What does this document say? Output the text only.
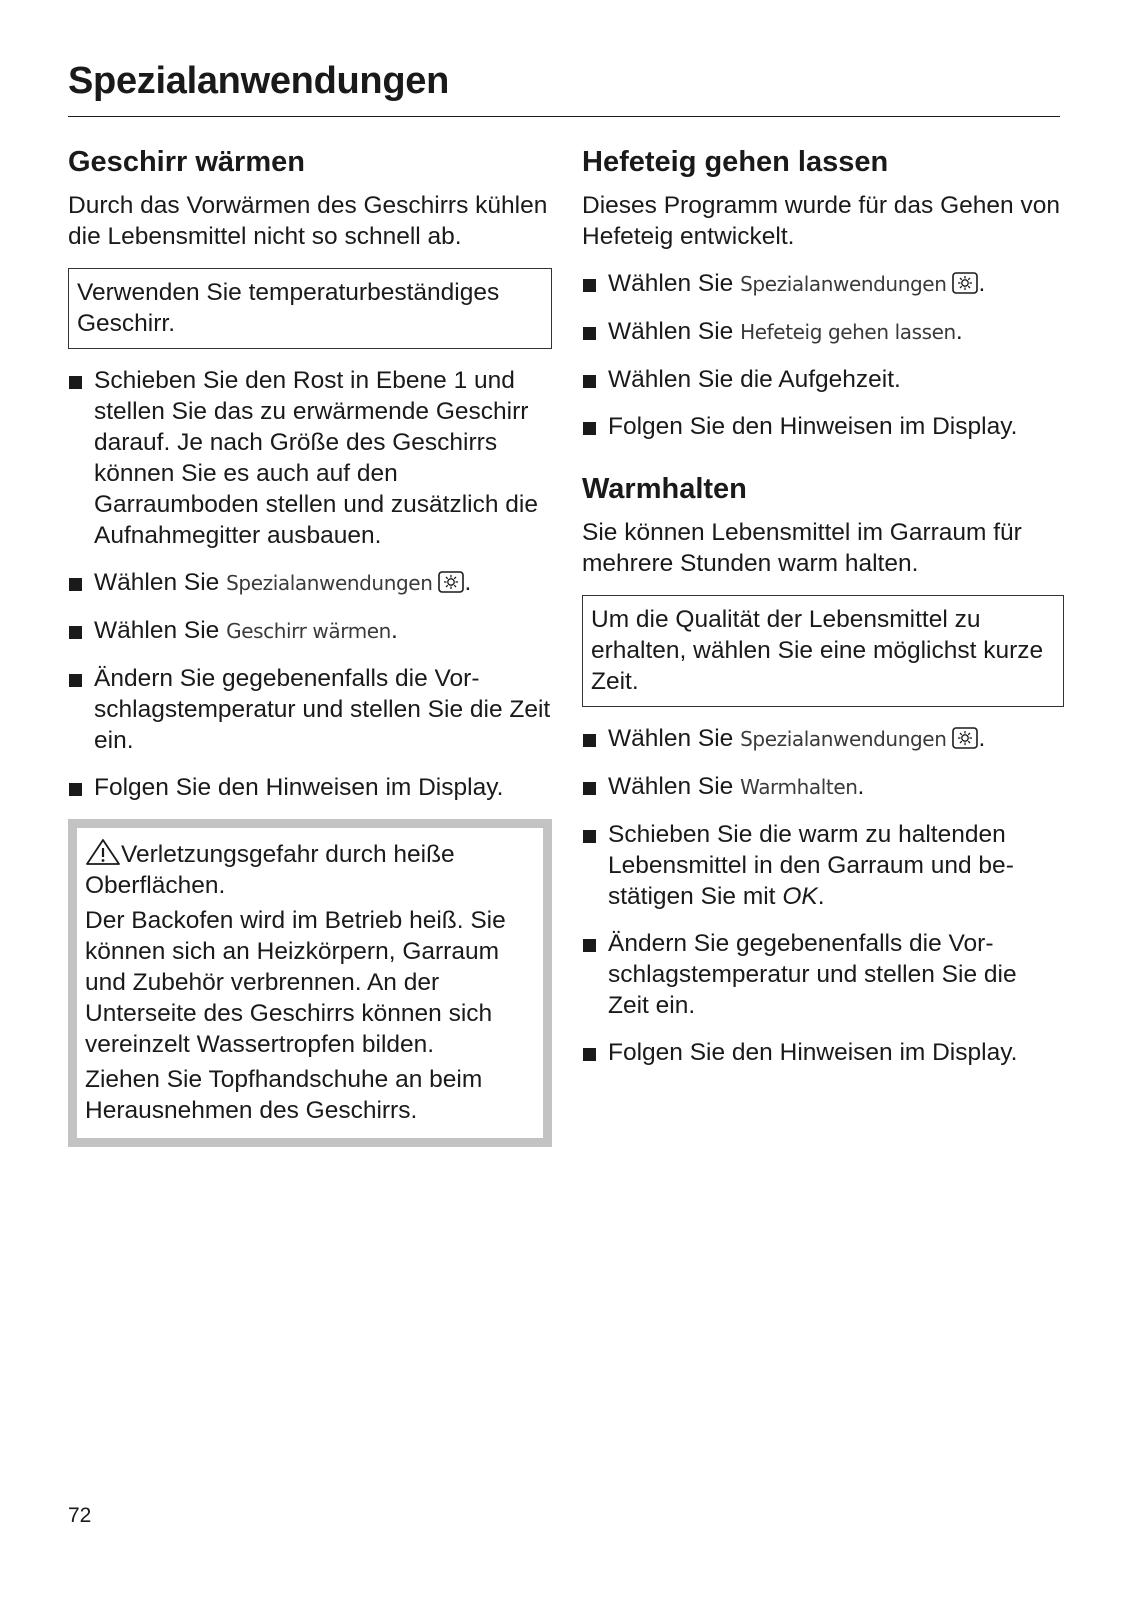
Spezialanwendungen
Geschirr wärmen

Durch das Vorwärmen des Geschirrs kühlen die Lebensmittel nicht so schnell ab.

Verwenden Sie temperaturbeständiges Geschirr.
Schieben Sie den Rost in Ebene 1 und stellen Sie das zu erwärmende Geschirr darauf. Je nach Größe des Geschirrs können Sie es auch auf den Garraumboden stellen und zusätzlich die Aufnahmegitter ausbauen.
Wählen Sie Spezialanwendungen .
Wählen Sie Geschirr wärmen.
Ändern Sie gegebenenfalls die Vorschlagstemperatur und stellen Sie die Zeit ein.
Folgen Sie den Hinweisen im Display.

Verletzungsgefahr durch heiße Oberflächen.

Der Backofen wird im Betrieb heiß. Sie können sich an Heizkörpern, Garraum und Zubehör verbrennen. An der Unterseite des Geschirrs können sich vereinzelt Wassertropfen bilden.

Ziehen Sie Topfhandschuhe an beim Herausnehmen des Geschirrs.

Hefeteig gehen lassen

Dieses Programm wurde für das Gehen von Hefeteig entwickelt.

Wählen Sie Spezialanwendungen .
Wählen Sie Hefeteig gehen lassen.
Wählen Sie die Aufgehzeit.
Folgen Sie den Hinweisen im Display.
Warmhalten

Sie können Lebensmittel im Garraum für mehrere Stunden warm halten.

Um die Qualität der Lebensmittel zu erhalten, wählen Sie eine möglichst kurze Zeit.
Wählen Sie Spezialanwendungen .
Wählen Sie Warmhalten.
Schieben Sie die warm zu haltenden Lebensmittel in den Garraum und bestätigen Sie mit OK.
Ändern Sie gegebenenfalls die Vorschlagstemperatur und stellen Sie die Zeit ein.
Folgen Sie den Hinweisen im Display.
72
